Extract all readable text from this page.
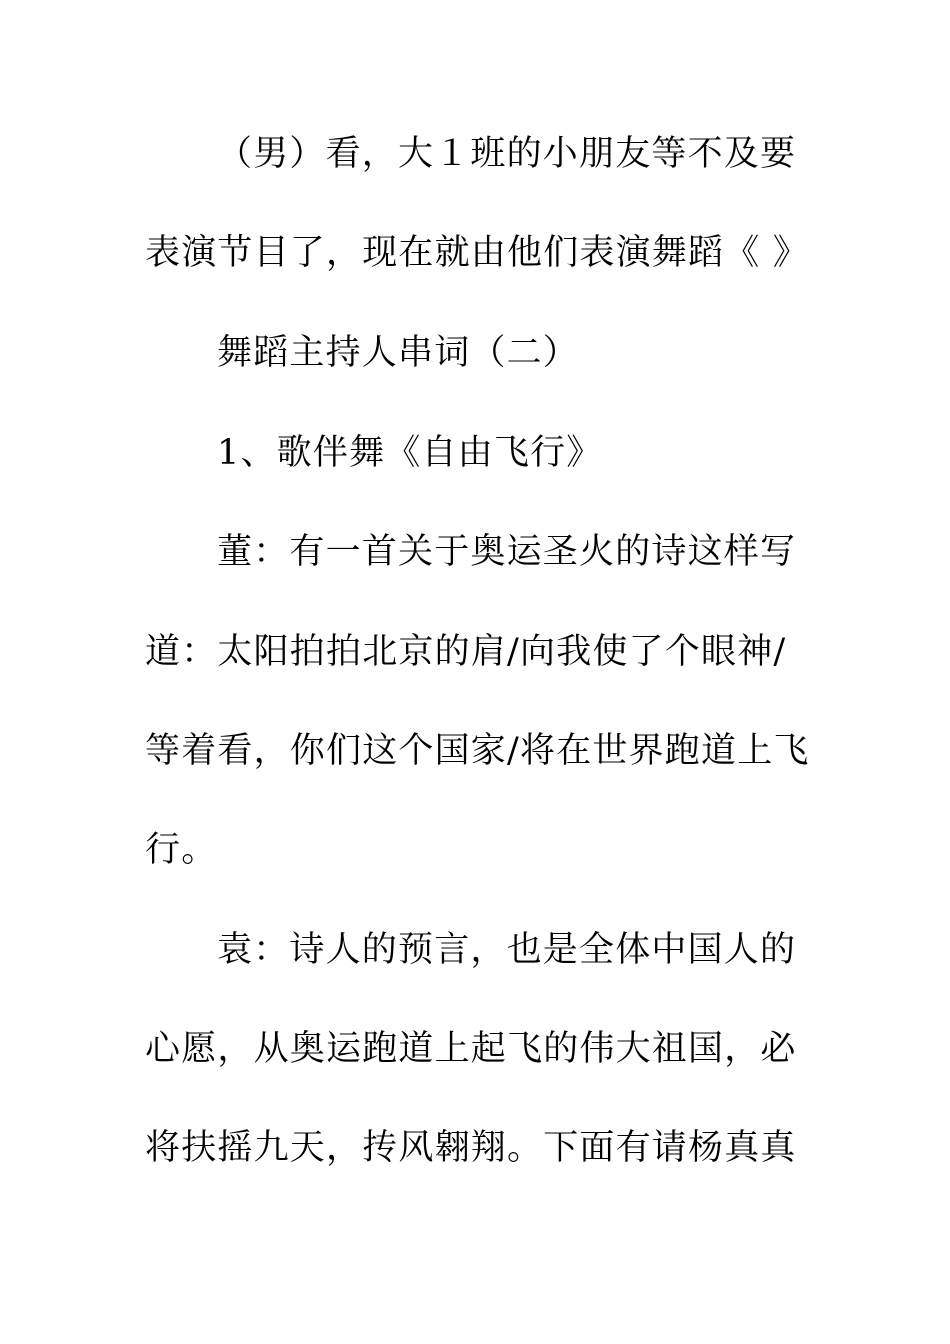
（男）看，大１班的小朋友等不及要
表演节目了，现在就由他们表演舞蹈《 》
舞蹈主持人串词（二）
1、歌伴舞《自由飞行》
董：有一首关于奥运圣火的诗这样写
道：太阳拍拍北京的肩/向我使了个眼神/
等着看，你们这个国家/将在世界跑道上飞
行。
袁：诗人的预言，也是全体中国人的
心愿，从奥运跑道上起飞的伟大祖国，必
将扶摇九天，抟风翱翔。下面有请杨真真
